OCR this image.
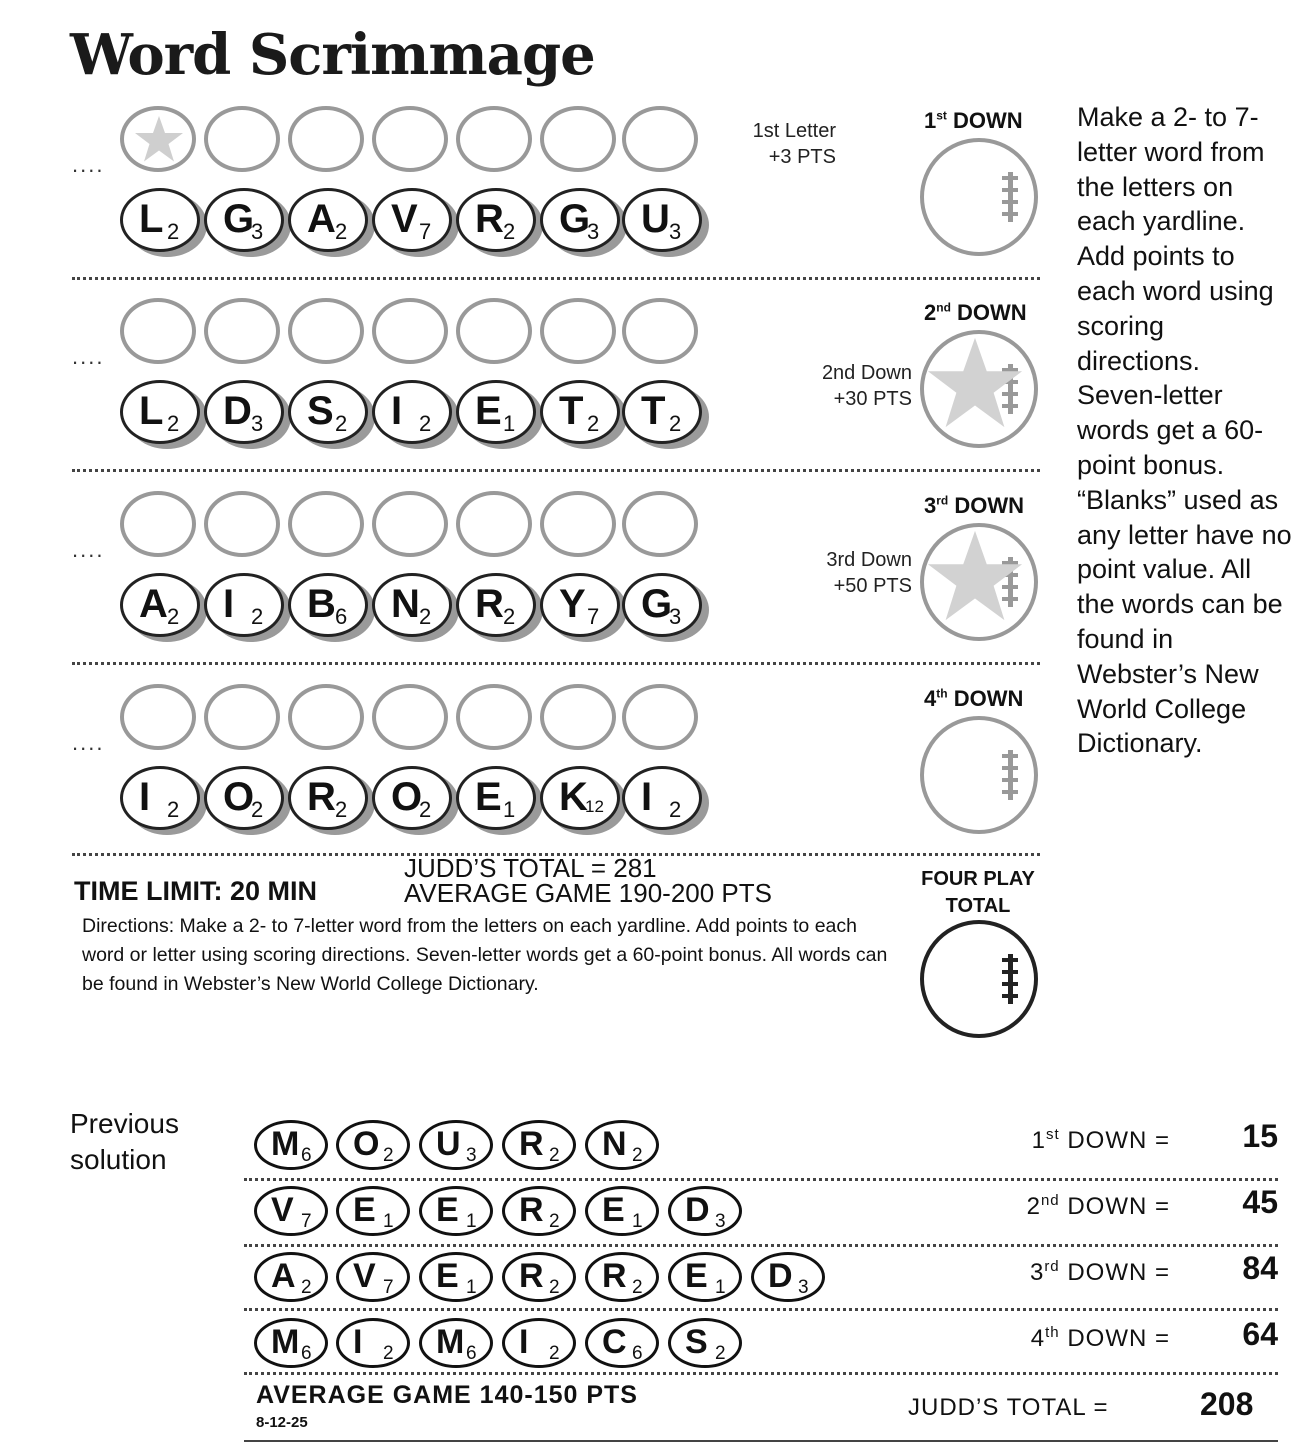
Word Scrimmage
....
L 2 G
3 A 2 V 7 R 2 G
3 U 3
....
L 2 D 3 S 2 I 2 E 1 T 2 T 2
....
A 2 I 2 B 6 N 2 R 2 Y 7 G
3
....
I 2 O
2 R 2 O
2 E 1 K
12 I 2
Make a 2- to 7-letter word from the letters on each yardline. Add points to each word using scoring directions. Seven-letter words get a 60-point bonus. “Blanks” used as any letter have no point value. All the words can be found in Webster’s New World College Dictionary.
TIME LIMIT: 20 MIN
JUDD’S TOTAL = 281
AVERAGE GAME 190-200 PTS
Directions: Make a 2- to 7-letter word from the letters on each yardline. Add points to each word or letter using scoring directions. Seven-letter words get a 60-point bonus. All words can be found in Webster’s New World College Dictionary.
FOUR PLAY
TOTAL
Previous
solution	M 6 O 2 U 3 R 2 N 2
1st DOWN = 15
V 7 E 1 E 1 R 2 E 1 D 3
2nd DOWN = 45
A 2 V 7 E 1 R 2 R 2 E 1 D 3
3rd DOWN = 84
M 6 I 2 M 6 I 2 C 6 S 2
4th DOWN = 64
AVERAGE GAME 140-150 PTS
8-12-25
JUDD’S TOTAL =	208
1st DOWN
1st Letter
+3 PTS
2nd DOWN
2nd Down
+30 PTS
3rd DOWN
3rd Down
+50 PTS
4th DOWN
